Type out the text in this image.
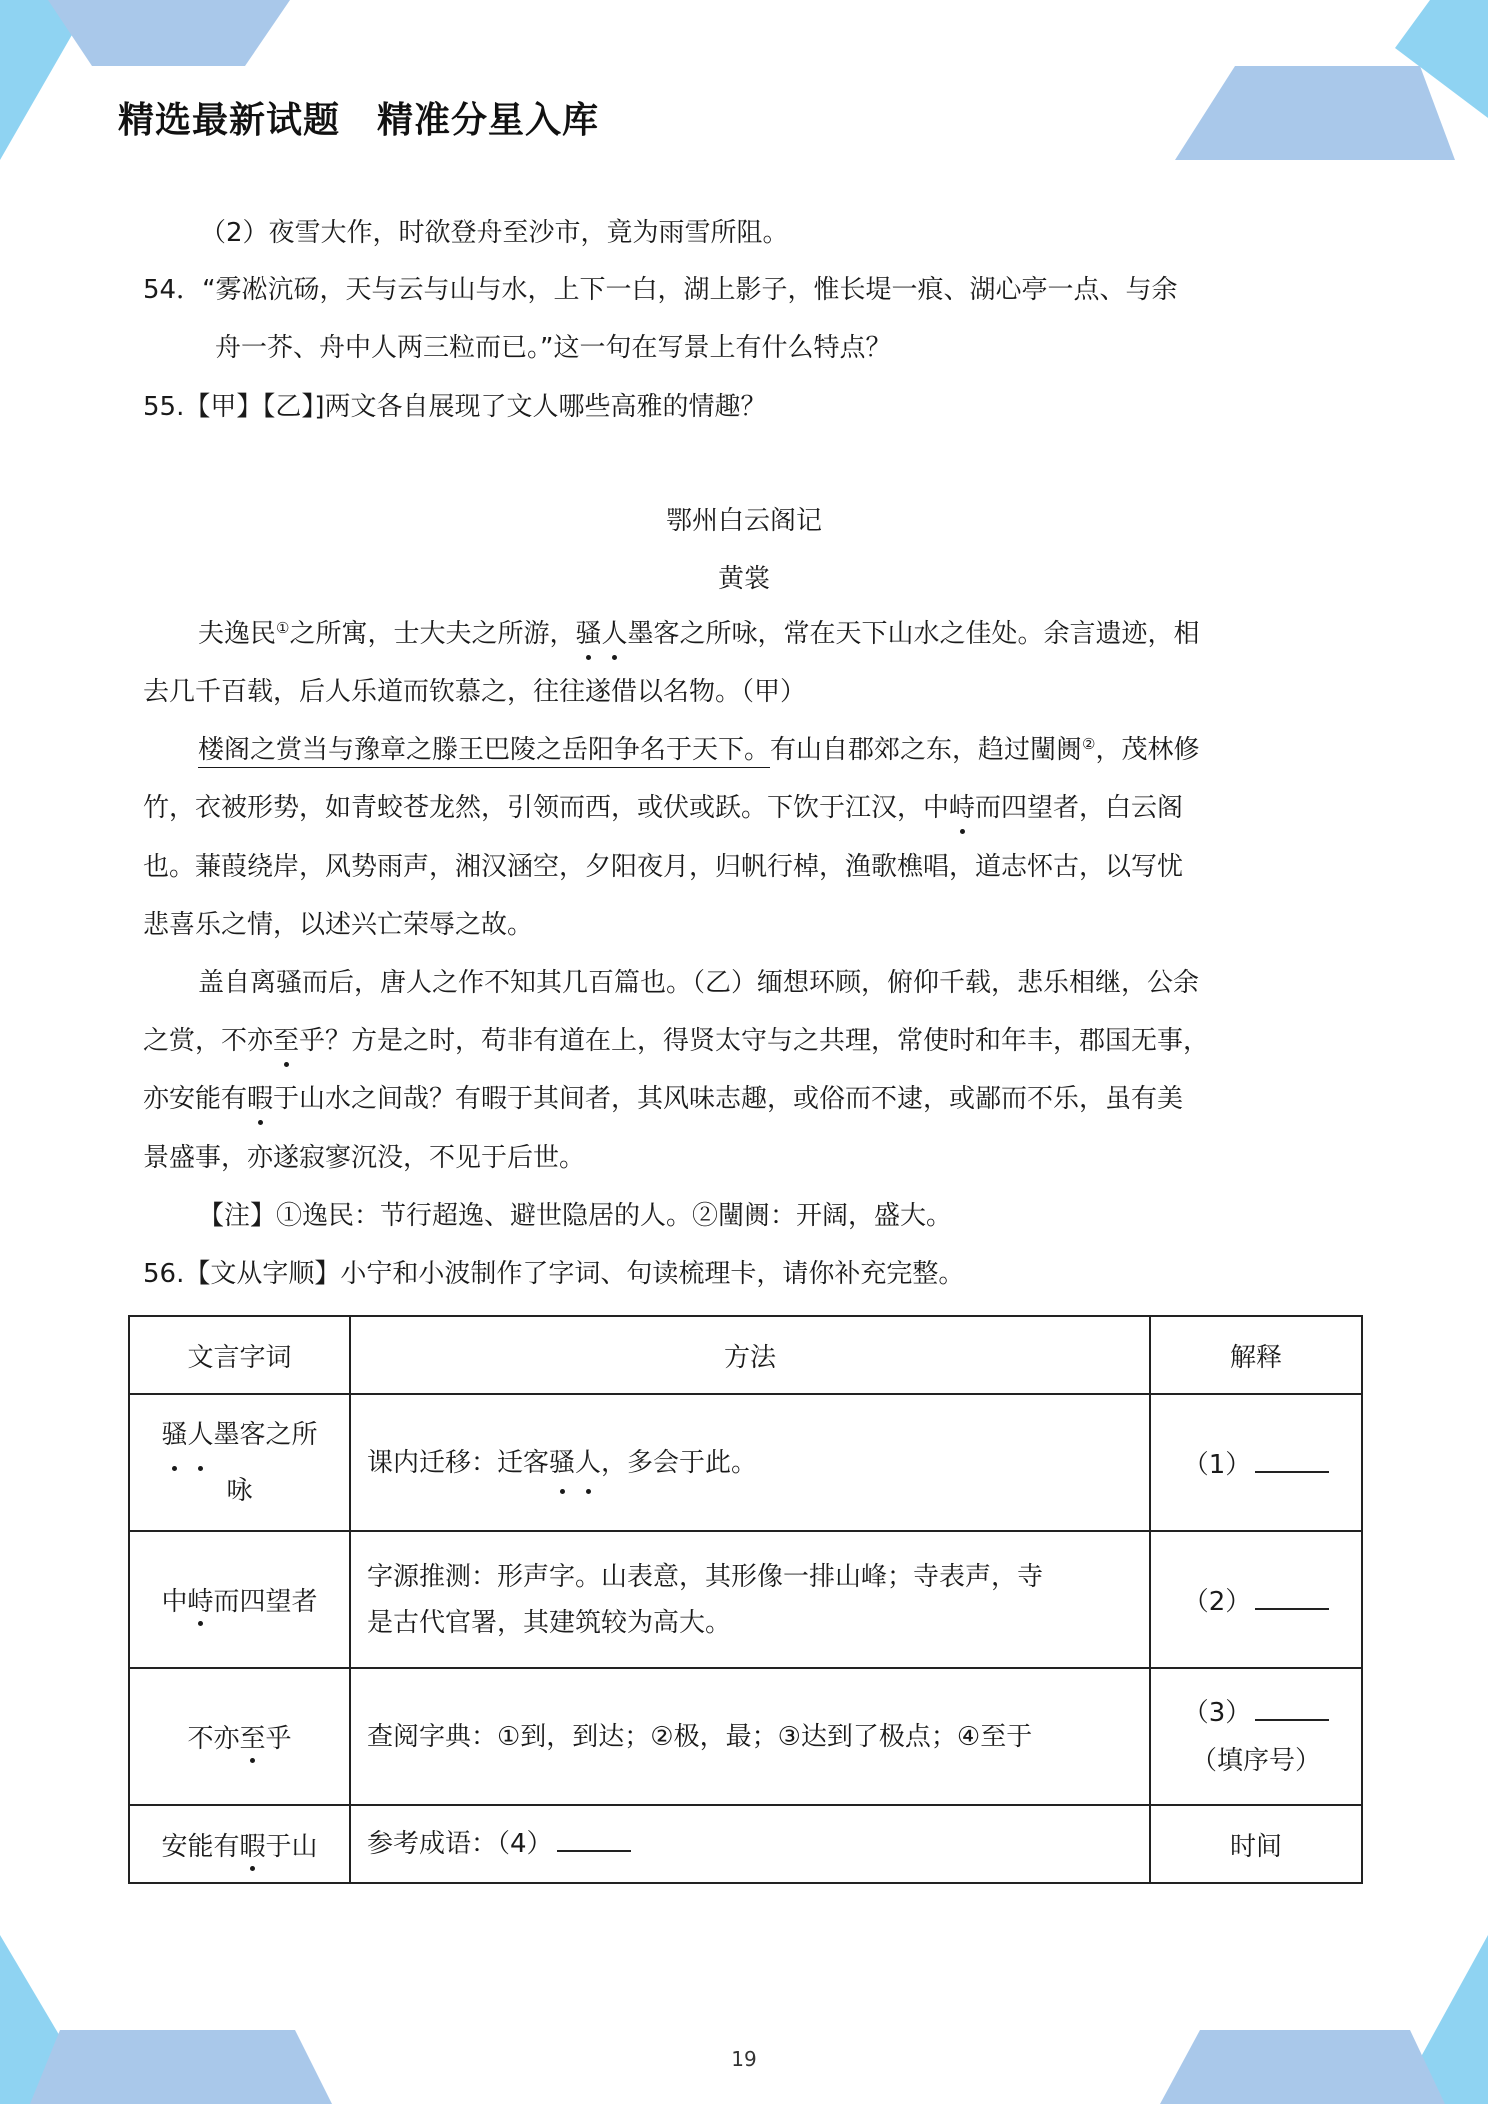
精选最新试题　精准分星入库
（2）夜雪大作，时欲登舟至沙市，竟为雨雪所阻。
54．“雾凇沆砀，天与云与山与水，上下一白，湖上影子，惟长堤一痕、湖心亭一点、与余
舟一芥、舟中人两三粒而已。”这一句在写景上有什么特点？
55.【甲】【乙】]两文各自展现了文人哪些高雅的情趣？
鄂州白云阁记
黄裳
夫逸民①之所寓，士大夫之所游，骚人墨客之所咏，常在天下山水之佳处。余言遗迹，相
去几千百载，后人乐道而钦慕之，往往遂借以名物。（甲）
楼阁之赏当与豫章之滕王巴陵之岳阳争名于天下。有山自郡郊之东，趋过闉阓②，茂林修
竹，衣被形势，如青蛟苍龙然，引领而西，或伏或跃。下饮于江汉，中峙而四望者，白云阁
也。蒹葭绕岸，风势雨声，湘汉涵空，夕阳夜月，归帆行棹，渔歌樵唱，道志怀古，以写忧
悲喜乐之情，以述兴亡荣辱之故。
盖自离骚而后，唐人之作不知其几百篇也。（乙）缅想环顾，俯仰千载，悲乐相继，公余
之赏，不亦至乎？方是之时，苟非有道在上，得贤太守与之共理，常使时和年丰，郡国无事，
亦安能有暇于山水之间哉？有暇于其间者，其风味志趣，或俗而不逮，或鄙而不乐，虽有美
景盛事，亦遂寂寥沉没，不见于后世。
【注】①逸民：节行超逸、避世隐居的人。②闉阓：开阔，盛大。
56.【文从字顺】小宁和小波制作了字词、句读梳理卡，请你补充完整。
文言字词	方法	解释
骚人墨客之所
咏	课内迁移：迁客骚人，多会于此。	（1）
中峙而四望者	字源推测：形声字。山表意，其形像一排山峰；寺表声，寺
是古代官署，其建筑较为高大。	（2）
不亦至乎	查阅字典：①到，到达；②极，最；③达到了极点；④至于	（3）
（填序号）
安能有暇于山	参考成语：（4）	时间
19
